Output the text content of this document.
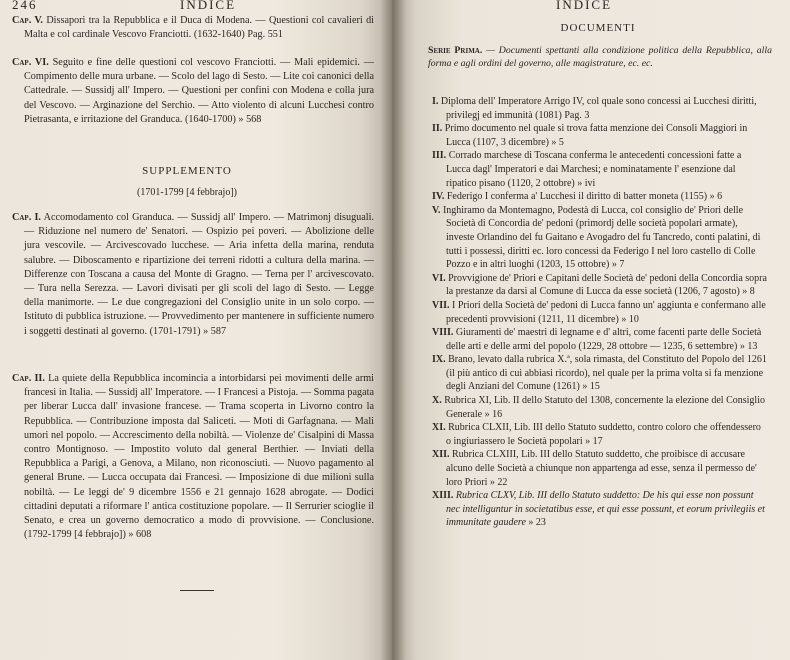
246	INDICE
Cap. V. Dissapori tra la Repubblica e il Duca di Modena. — Questioni col cavalieri di Malta e col cardinale Vescovo Franciotti. (1632-1640) Pag. 551
Cap. VI. Seguito e fine delle questioni col vescovo Franciotti. — Mali epidemici. — Compimento delle mura urbane. — Scolo del lago di Sesto. — Lite coi canonici della Cattedrale. — Sussidj all' Impero. — Questioni per confini con Modena e colla jura del Vescovo. — Arginazione del Serchio. — Atto violento di alcuni Lucchesi contro Pietrasanta, e irritazione del Granduca. (1640-1700) » 568
SUPPLEMENTO
(1701-1799 [4 febbrajo])
Cap. I. Accomodamento col Granduca. — Sussidj all' Impero. — Matrimonj disuguali. — Riduzione nel numero de' Senatori. — Ospizio pei poveri. — Abolizione delle jura vescovile. — Arcivescovado lucchese. — Aria infetta della marina, renduta salubre. — Diboscamento e ripartizione dei terreni ridotti a cultura della marina. — Differenze con Toscana a causa del Monte di Gragno. — Terna per l' arcivescovato. — Tura nella Serezza. — Lavori divisati per gli scoli del lago di Sesto. — Legge della manimorte. — Le due congregazioni del Consiglio unite in un solo corpo. — Istituto di pubblica istruzione. — Provvedimento per mantenere in sufficiente numero i soggetti destinati al governo. (1701-1791) » 587
Cap. II. La quiete della Repubblica incomincia a intorbidarsi pei movimenti delle armi francesi in Italia. — Sussidj all' Imperatore. — I Francesi a Pistoja. — Somma pagata per liberar Lucca dall' invasione francese. — Trama scoperta in Livorno contro la Repubblica. — Contribuzione imposta dal Saliceti. — Moti di Garfagnana. — Mali umori nel popolo. — Accrescimento della nobiltà. — Violenze de' Cisalpini di Massa contro Montignoso. — Impostito voluto dal general Berthier. — Inviati della Repubblica a Parigi, a Genova, a Milano, non riconosciuti. — Nuovo pagamento al general Brune. — Lucca occupata dai Francesi. — Imposizione di due milioni sulla nobiltà. — Le leggi de' 9 dicembre 1556 e 21 gennajo 1628 abrogate. — Dodici cittadini deputati a riformare l' antica costituzione popolare. — Il Serrurier scioglie il Senato, e crea un governo democratico a modo di provvisione. — Conclusione. (1792-1799 [4 febbrajo]) » 608
INDICE
DOCUMENTI
Serie Prima. — Documenti spettanti alla condizione politica della Repubblica, alla forma e agli ordini del governo, alle magistrature, ec. ec.
I. Diploma dell' Imperatore Arrigo IV, col quale sono concessi ai Lucchesi diritti, privilegj ed immunità (1081) Pag. 3
II. Primo documento nel quale si trova fatta menzione dei Consoli Maggiori in Lucca (1107, 3 dicembre) » 5
III. Corrado marchese di Toscana conferma le antecedenti concessioni fatte a Lucca dagl' Imperatori e dai Marchesi; e nominatamente l' esenzione dal ripatico pisano (1120, 2 ottobre) » ivi
IV. Federigo I conferma a' Lucchesi il diritto di batter moneta (1155) » 6
V. Inghiramo da Montemagno, Podestà di Lucca, col consiglio de' Priori delle Società di Concordia de' pedoni (primordj delle società popolari armate), investe Orlandino del fu Gaitano e Avogadro del fu Tancredo, conti palatini, di tutti i possessi, diritti ec. loro concessi da Federigo I nel loro castello di Colle Pozzo e in altri luoghi (1203, 15 ottobre) » 7
VI. Provvigione de' Priori e Capitani delle Società de' pedoni della Concordia sopra la prestanze da darsi al Comune di Lucca da esse società (1206, 7 agosto) » 8
VII. I Priori della Società de' pedoni di Lucca fanno un' aggiunta e confermano alle precedenti provvisioni (1211, 11 dicembre) » 10
VIII. Giuramenti de' maestri di legname e d' altri, come facenti parte delle Società delle arti e delle armi del popolo (1229, 28 ottobre — 1235, 6 settembre) » 13
IX. Brano, levato dalla rubrica X.ª, sola rimasta, del Constituto del Popolo del 1261 (il più antico di cui abbiasi ricordo), nel quale per la prima volta si fa menzione degli Anziani del Comune (1261) » 15
X. Rubrica XI, Lib. II dello Statuto del 1308, concernente la elezione del Consiglio Generale » 16
XI. Rubrica CLXII, Lib. III dello Statuto suddetto, contro coloro che offendessero o ingiuriassero le Società popolari » 17
XII. Rubrica CLXIII, Lib. III dello Statuto suddetto, che proibisce di accusare alcuno delle Società a chiunque non appartenga ad esse, senza il permesso de' loro Priori » 22
XIII. Rubrica CLXV, Lib. III dello Statuto suddetto: De his qui esse non possunt nec intelliguntur in societatibus esse, et qui esse possunt, et eorum privilegiis et immunitate gaudere » 23
